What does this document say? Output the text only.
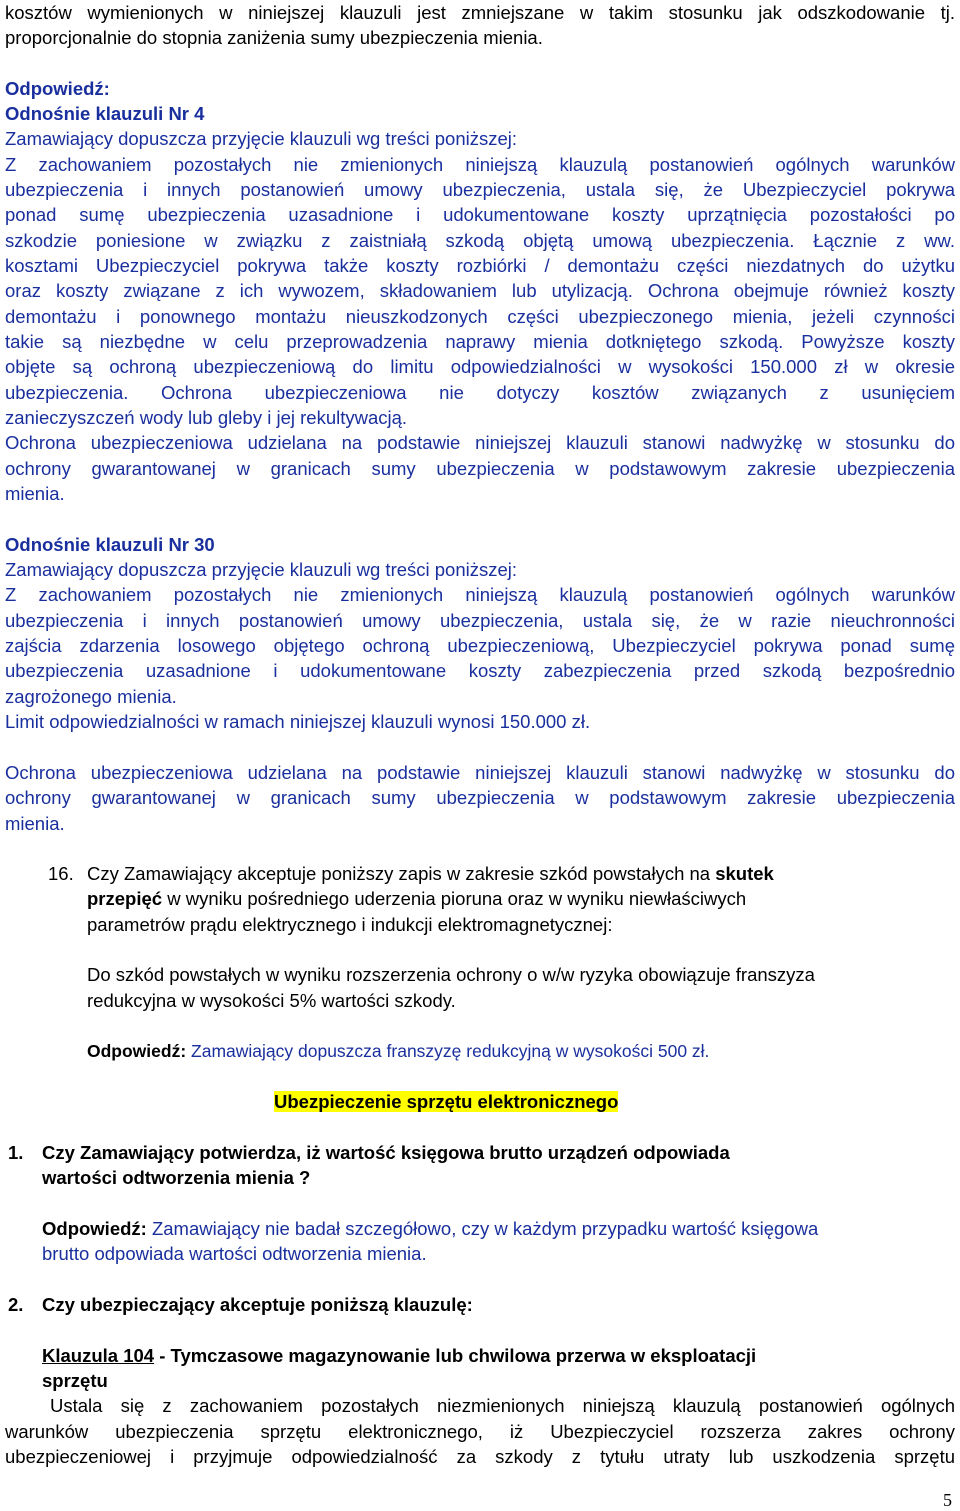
kosztów wymienionych w niniejszej klauzuli jest zmniejszane w takim stosunku jak odszkodowanie tj.
proporcjonalnie do stopnia zaniżenia sumy ubezpieczenia mienia.
Odpowiedź:
Odnośnie klauzuli Nr 4
Zamawiający dopuszcza przyjęcie klauzuli wg treści poniższej:
Z zachowaniem pozostałych nie zmienionych niniejszą klauzulą postanowień ogólnych warunków
ubezpieczenia i innych postanowień umowy ubezpieczenia, ustala się, że Ubezpieczyciel pokrywa
ponad sumę ubezpieczenia uzasadnione i udokumentowane koszty uprzątnięcia pozostałości po
szkodzie poniesione w związku z zaistniałą szkodą objętą umową ubezpieczenia. Łącznie z ww.
kosztami Ubezpieczyciel pokrywa także koszty rozbiórki / demontażu części niezdatnych do użytku
oraz koszty związane z ich wywozem, składowaniem lub utylizacją. Ochrona obejmuje również koszty
demontażu i ponownego montażu nieuszkodzonych części ubezpieczonego mienia, jeżeli czynności
takie są niezbędne w celu przeprowadzenia naprawy mienia dotkniętego szkodą. Powyższe koszty
objęte są ochroną ubezpieczeniową do limitu odpowiedzialności w wysokości 150.000 zł w okresie
ubezpieczenia. Ochrona ubezpieczeniowa nie dotyczy kosztów związanych z usunięciem
zanieczyszczeń wody lub gleby i jej rekultywacją.
Ochrona ubezpieczeniowa udzielana na podstawie niniejszej klauzuli stanowi nadwyżkę w stosunku do
ochrony gwarantowanej w granicach sumy ubezpieczenia w podstawowym zakresie ubezpieczenia
mienia.
Odnośnie klauzuli Nr 30
Zamawiający dopuszcza przyjęcie klauzuli wg treści poniższej:
Z zachowaniem pozostałych nie zmienionych niniejszą klauzulą postanowień ogólnych warunków
ubezpieczenia i innych postanowień umowy ubezpieczenia, ustala się, że w razie nieuchronności
zajścia zdarzenia losowego objętego ochroną ubezpieczeniową, Ubezpieczyciel pokrywa ponad sumę
ubezpieczenia uzasadnione i udokumentowane koszty zabezpieczenia przed szkodą bezpośrednio
zagrożonego mienia.
Limit odpowiedzialności w ramach niniejszej klauzuli wynosi 150.000 zł.
Ochrona ubezpieczeniowa udzielana na podstawie niniejszej klauzuli stanowi nadwyżkę w stosunku do
ochrony gwarantowanej w granicach sumy ubezpieczenia w podstawowym zakresie ubezpieczenia
mienia.
16. Czy Zamawiający akceptuje poniższy zapis w zakresie szkód powstałych na skutek
przepięć w wyniku pośredniego uderzenia pioruna oraz w wyniku niewłaściwych
parametrów prądu elektrycznego i indukcji elektromagnetycznej:
Do szkód powstałych w wyniku rozszerzenia ochrony o w/w ryzyka obowiązuje franszyza
redukcyjna w wysokości 5% wartości szkody.
Odpowiedź: Zamawiający dopuszcza franszyzę redukcyjną w wysokości 500 zł.
Ubezpieczenie sprzętu elektronicznego
1.	Czy Zamawiający potwierdza, iż wartość księgowa brutto urządzeń odpowiada
wartości odtworzenia mienia ?
Odpowiedź: Zamawiający nie badał szczegółowo, czy w każdym przypadku wartość księgowa
brutto odpowiada wartości odtworzenia mienia.
2.	Czy ubezpieczający akceptuje poniższą klauzulę:
Klauzula 104 - Tymczasowe magazynowanie lub chwilowa przerwa w eksploatacji
sprzętu
Ustala się z zachowaniem pozostałych niezmienionych niniejszą klauzulą postanowień ogólnych
warunków ubezpieczenia sprzętu elektronicznego, iż Ubezpieczyciel rozszerza zakres ochrony
ubezpieczeniowej i przyjmuje odpowiedzialność za szkody z tytułu utraty lub uszkodzenia sprzętu
5
